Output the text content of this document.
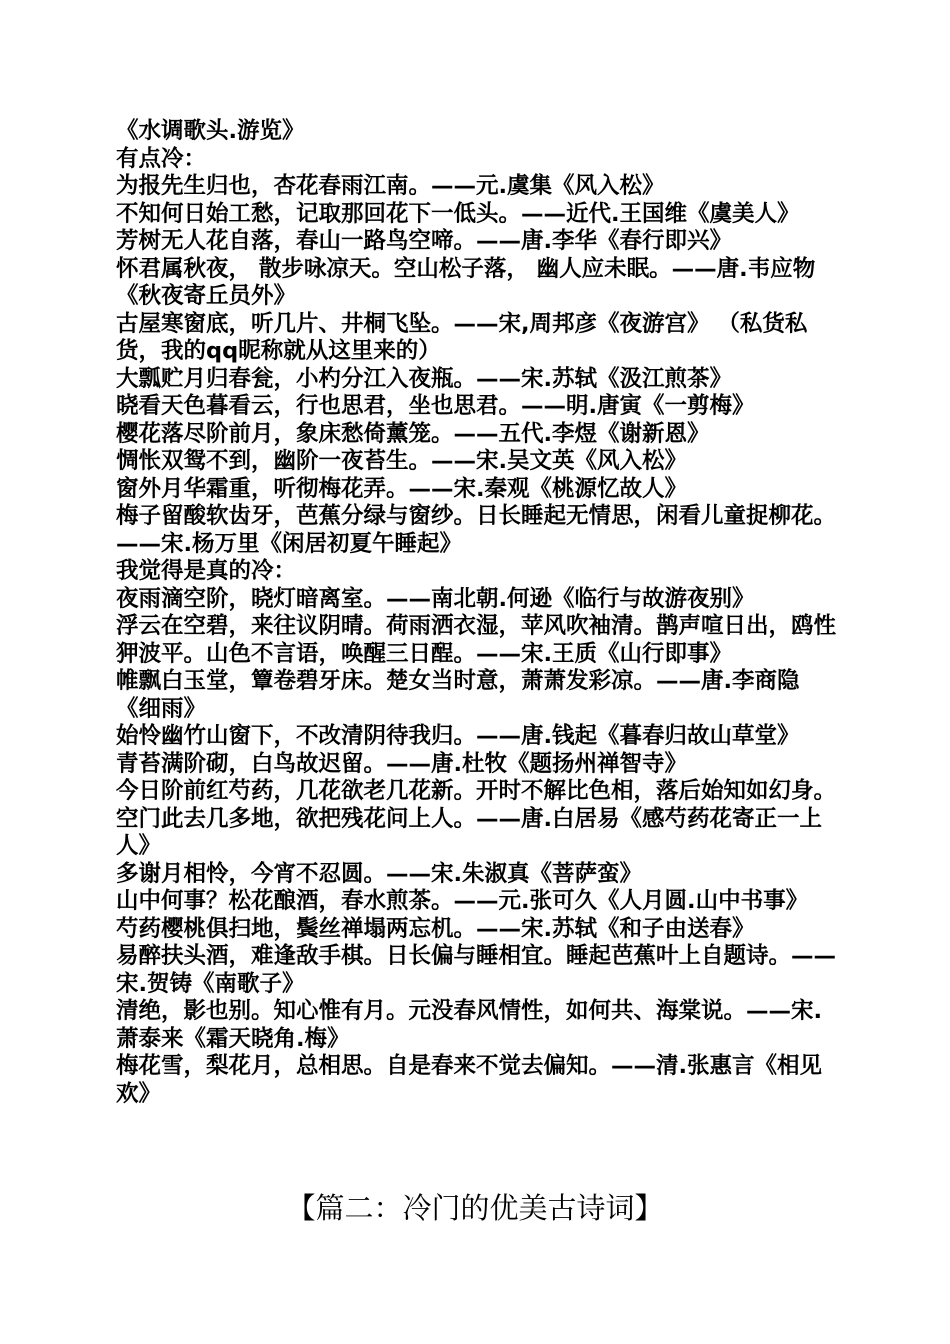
《水调歌头.游览》

有点冷：

为报先生归也，杏花春雨江南。——元.虞集《风入松》

不知何日始工愁，记取那回花下一低头。——近代.王国维《虞美人》

芳树无人花自落，春山一路鸟空啼。——唐.李华《春行即兴》

怀君属秋夜， 散步咏凉天。空山松子落， 幽人应未眠。——唐.韦应物《秋夜寄丘员外》

古屋寒窗底，听几片、井桐飞坠。——宋,周邦彦《夜游宫》 （私货私货，我的qq昵称就从这里来的）

大瓢贮月归春瓮，小杓分江入夜瓶。——宋.苏轼《汲江煎茶》

晓看天色暮看云，行也思君，坐也思君。——明.唐寅《一剪梅》

樱花落尽阶前月，象床愁倚薰笼。——五代.李煜《谢新恩》

惆怅双鸳不到，幽阶一夜苔生。——宋.吴文英《风入松》

窗外月华霜重，听彻梅花弄。——宋.秦观《桃源忆故人》

梅子留酸软齿牙，芭蕉分绿与窗纱。日长睡起无情思，闲看儿童捉柳花。——宋.杨万里《闲居初夏午睡起》

我觉得是真的冷：

夜雨滴空阶，晓灯暗离室。——南北朝.何逊《临行与故游夜别》

浮云在空碧，来往议阴晴。荷雨洒衣湿，苹风吹袖清。鹊声喧日出，鸥性狎波平。山色不言语，唤醒三日酲。——宋.王质《山行即事》

帷飘白玉堂，簟卷碧牙床。楚女当时意，萧萧发彩凉。——唐.李商隐《细雨》

始怜幽竹山窗下，不改清阴待我归。——唐.钱起《暮春归故山草堂》

青苔满阶砌，白鸟故迟留。——唐.杜牧《题扬州禅智寺》

今日阶前红芍药，几花欲老几花新。开时不解比色相，落后始知如幻身。空门此去几多地，欲把残花问上人。——唐.白居易《感芍药花寄正一上人》

多谢月相怜，今宵不忍圆。——宋.朱淑真《菩萨蛮》

山中何事？松花酿酒，春水煎茶。——元.张可久《人月圆.山中书事》

芍药樱桃俱扫地，鬓丝禅塌两忘机。——宋.苏轼《和子由送春》

易醉扶头酒，难逢敌手棋。日长偏与睡相宜。睡起芭蕉叶上自题诗。——宋.贺铸《南歌子》

清绝，影也别。知心惟有月。元没春风情性，如何共、海棠说。——宋.萧泰来《霜天晓角.梅》

梅花雪，梨花月，总相思。自是春来不觉去偏知。——清.张惠言《相见欢》

【篇二：冷门的优美古诗词】
